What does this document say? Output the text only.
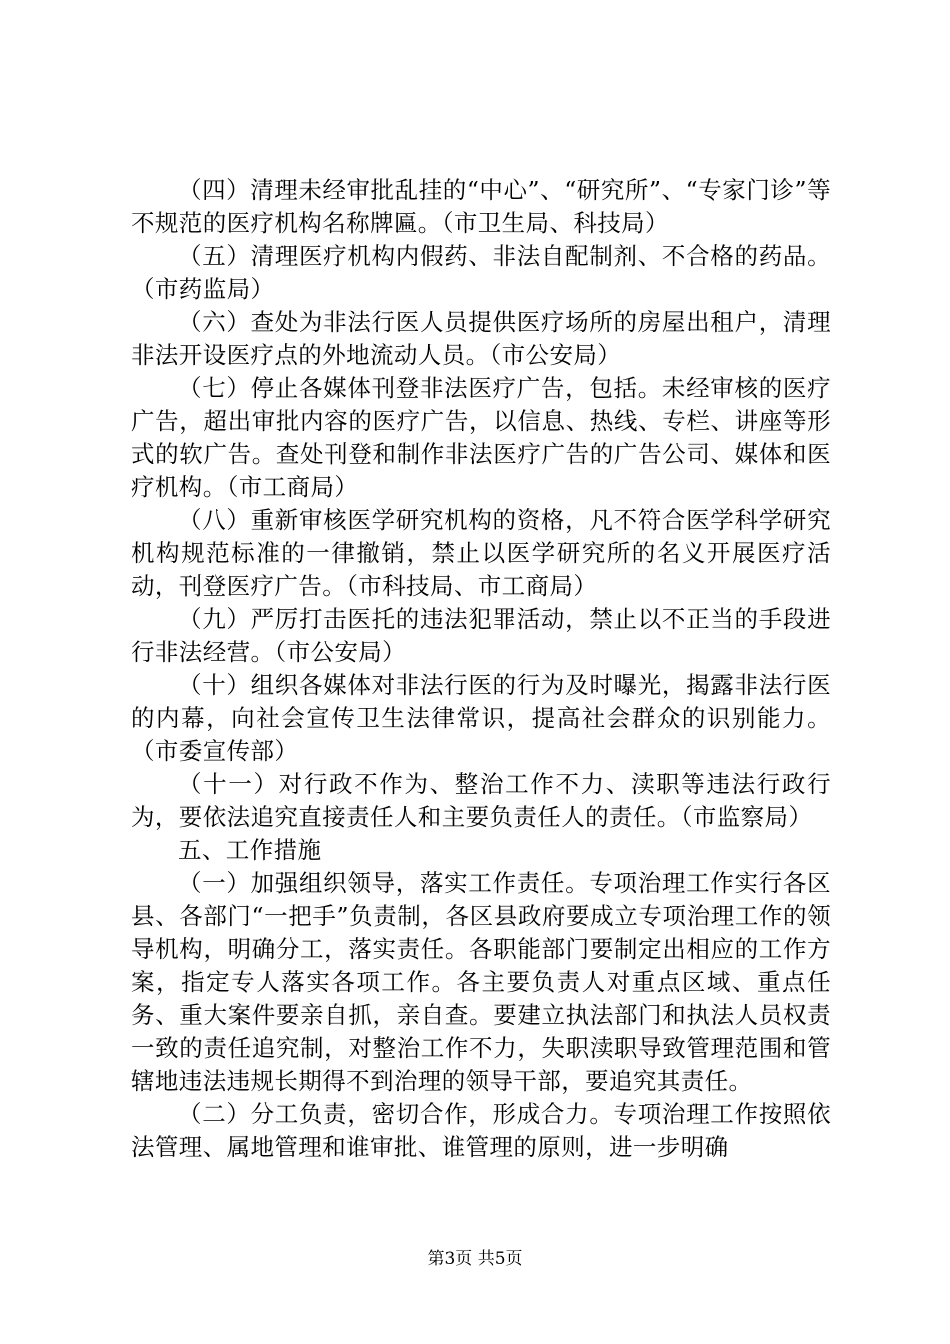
（四）清理未经审批乱挂的“中心”、“研究所”、“专家门诊”等不规范的医疗机构名称牌匾。（市卫生局、科技局）

（五）清理医疗机构内假药、非法自配制剂、不合格的药品。（市药监局）

（六）查处为非法行医人员提供医疗场所的房屋出租户，清理非法开设医疗点的外地流动人员。（市公安局）

（七）停止各媒体刊登非法医疗广告，包括。未经审核的医疗广告，超出审批内容的医疗广告，以信息、热线、专栏、讲座等形式的软广告。查处刊登和制作非法医疗广告的广告公司、媒体和医疗机构。（市工商局）

（八）重新审核医学研究机构的资格，凡不符合医学科学研究机构规范标准的一律撤销，禁止以医学研究所的名义开展医疗活动，刊登医疗广告。（市科技局、市工商局）

（九）严厉打击医托的违法犯罪活动，禁止以不正当的手段进行非法经营。（市公安局）

（十）组织各媒体对非法行医的行为及时曝光，揭露非法行医的内幕，向社会宣传卫生法律常识，提高社会群众的识别能力。（市委宣传部）

（十一）对行政不作为、整治工作不力、渎职等违法行政行为，要依法追究直接责任人和主要负责任人的责任。（市监察局）

五、工作措施

（一）加强组织领导，落实工作责任。专项治理工作实行各区县、各部门“一把手”负责制，各区县政府要成立专项治理工作的领导机构，明确分工，落实责任。各职能部门要制定出相应的工作方案，指定专人落实各项工作。各主要负责人对重点区域、重点任务、重大案件要亲自抓，亲自查。要建立执法部门和执法人员权责一致的责任追究制，对整治工作不力，失职渎职导致管理范围和管辖地违法违规长期得不到治理的领导干部，要追究其责任。

（二）分工负责，密切合作，形成合力。专项治理工作按照依法管理、属地管理和谁审批、谁管理的原则，进一步明确

第3页 共5页
